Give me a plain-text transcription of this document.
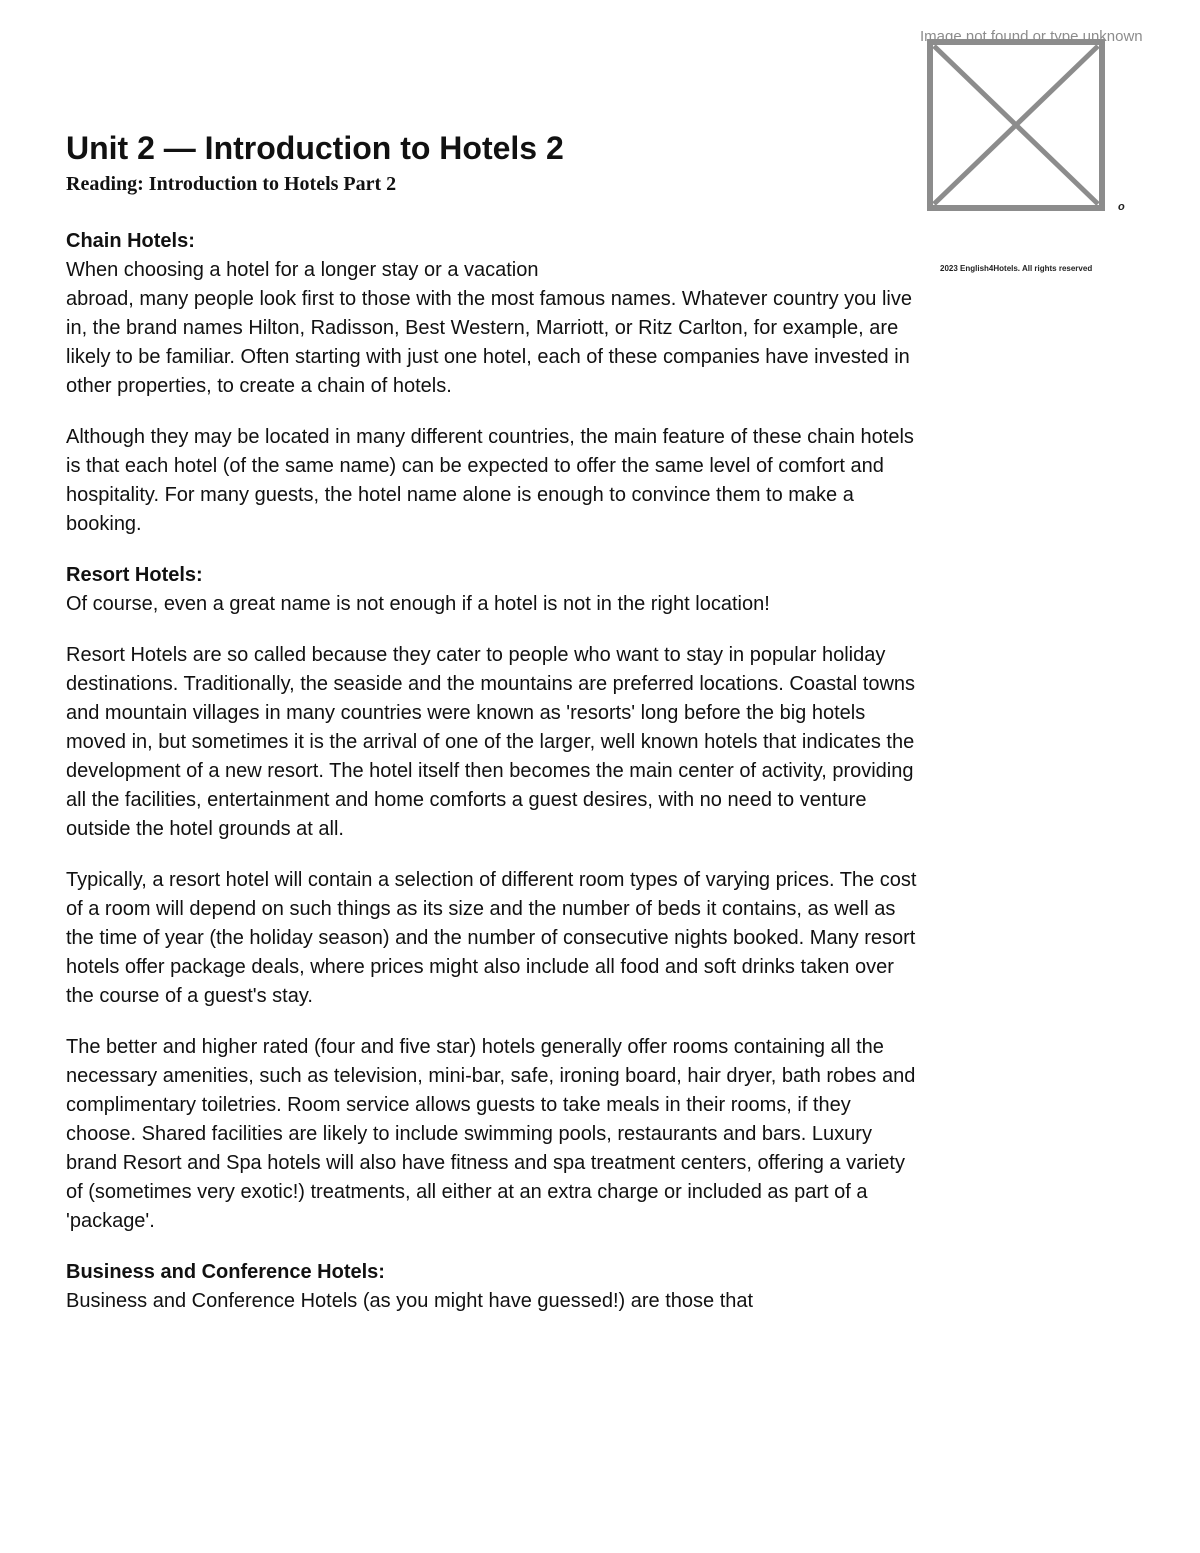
Image not found or type unknown
o
2023 English4Hotels. All rights reserved
Unit 2 — Introduction to Hotels 2
Reading: Introduction to Hotels Part 2
Chain Hotels:
When choosing a hotel for a longer stay or a vacation
abroad, many people look first to those with the most famous names. Whatever country you live in, the brand names Hilton, Radisson, Best Western, Marriott, or Ritz Carlton, for example, are likely to be familiar. Often starting with just one hotel, each of these companies have invested in other properties, to create a chain of hotels.
Although they may be located in many different countries, the main feature of these chain hotels is that each hotel (of the same name) can be expected to offer the same level of comfort and hospitality. For many guests, the hotel name alone is enough to convince them to make a booking.
Resort Hotels:
Of course, even a great name is not enough if a hotel is not in the right location!
Resort Hotels are so called because they cater to people who want to stay in popular holiday destinations. Traditionally, the seaside and the mountains are preferred locations. Coastal towns and mountain villages in many countries were known as 'resorts' long before the big hotels moved in, but sometimes it is the arrival of one of the larger, well known hotels that indicates the development of a new resort. The hotel itself then becomes the main center of activity, providing all the facilities, entertainment and home comforts a guest desires, with no need to venture outside the hotel grounds at all.
Typically, a resort hotel will contain a selection of different room types of varying prices. The cost of a room will depend on such things as its size and the number of beds it contains, as well as the time of year (the holiday season) and the number of consecutive nights booked. Many resort hotels offer package deals, where prices might also include all food and soft drinks taken over the course of a guest's stay.
The better and higher rated (four and five star) hotels generally offer rooms containing all the necessary amenities, such as television, mini-bar, safe, ironing board, hair dryer, bath robes and complimentary toiletries. Room service allows guests to take meals in their rooms, if they choose. Shared facilities are likely to include swimming pools, restaurants and bars. Luxury brand Resort and Spa hotels will also have fitness and spa treatment centers, offering a variety of (sometimes very exotic!) treatments, all either at an extra charge or included as part of a 'package'.
Business and Conference Hotels:
Business and Conference Hotels (as you might have guessed!) are those that
